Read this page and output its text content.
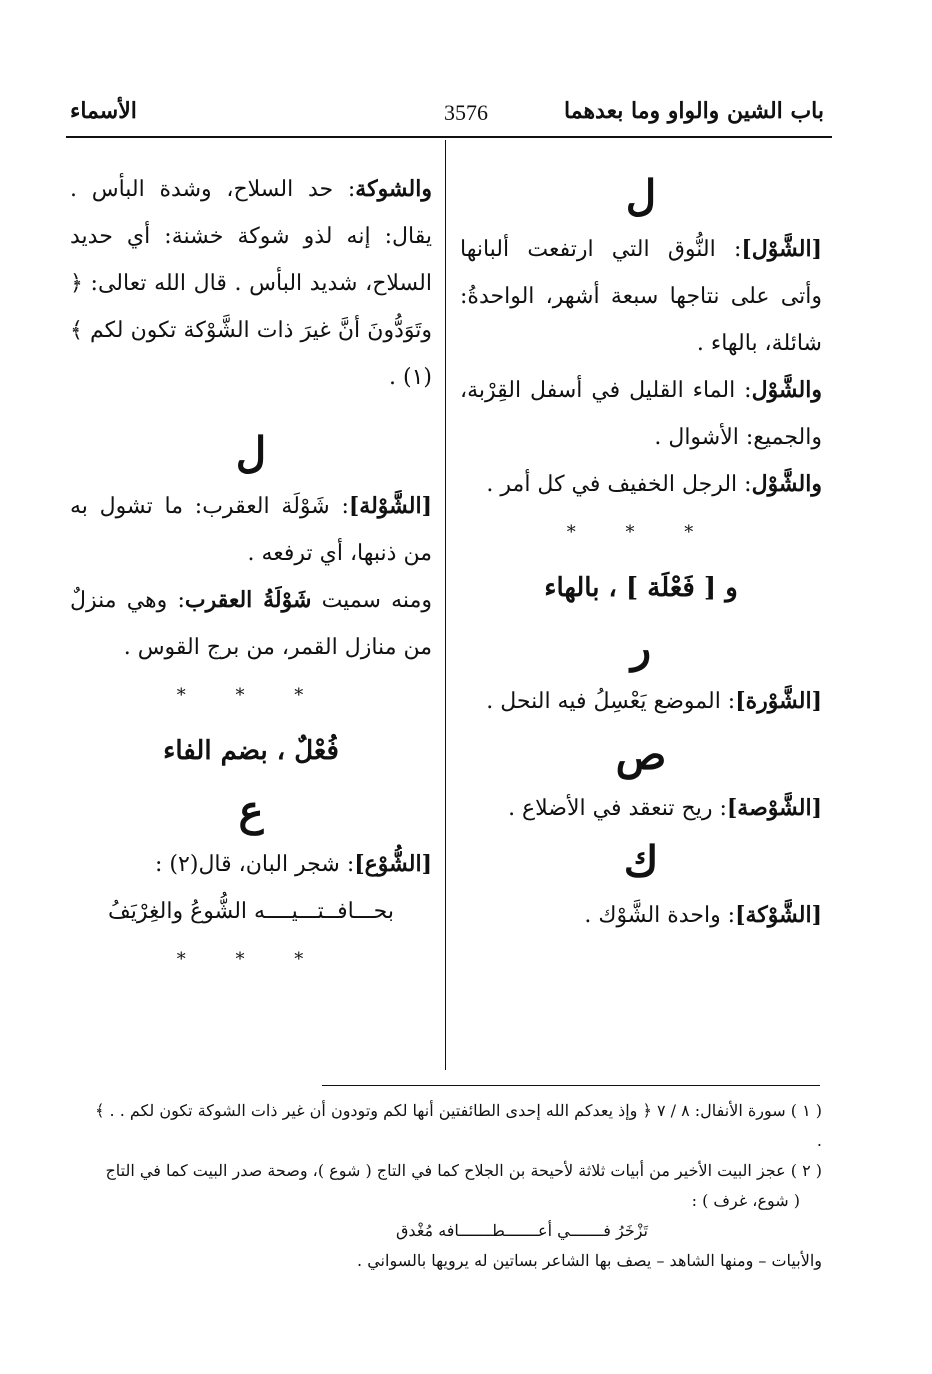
باب الشين والواو وما بعدهما
3576
الأسماء

ل

[الشَّوْل]: النُّوق التي ارتفعت ألبانها وأتى على نتاجها سبعة أشهر، الواحدةُ: شائلة، بالهاء .

والشَّوْل: الماء القليل في أسفل القِرْبة، والجميع: الأشوال .

والشَّوْل: الرجل الخفيف في كل أمر .

* * *

و [ فَعْلَة ] ، بالهاء

ر

[الشَّوْرة]: الموضع يَعْسِلُ فيه النحل .

ص

[الشَّوْصة]: ريح تنعقد في الأضلاع .

ك

[الشَّوْكة]: واحدة الشَّوْك .

والشوكة: حد السلاح، وشدة البأس . يقال: إنه لذو شوكة خشنة: أي حديد السلاح، شديد البأس . قال الله تعالى: ﴿ وتَوَدُّونَ أنَّ غيرَ ذات الشَّوْكة تكون لكم ﴾ (١) .

ل

[الشَّوْلة]: شَوْلَة العقرب: ما تشول به من ذنبها، أي ترفعه .

ومنه سميت شَوْلَةُ العقرب: وهي منزلٌ من منازل القمر، من برج القوس .

* * *

فُعْلٌ ، بضم الفاء

ع

[الشُّوْع]: شجر البان، قال(٢) :

بحـــافــتـــيــــه الشُّوعُ والغِرْيَفُ

* * *

( ١ ) سورة الأنفال: ٨ / ٧ ﴿ وإذ يعدكم الله إحدى الطائفتين أنها لكم وتودون أن غير ذات الشوكة تكون لكم . . ﴾ .

( ٢ ) عجز البيت الأخير من أبيات ثلاثة لأحيحة بن الجلاح كما في التاج ( شوع )، وصحة صدر البيت كما في التاج

( شوع، غرف ) :

تَزْخَرُ فـــــــي أعـــــــطـــــــافه مُغْدق

والأبيات – ومنها الشاهد – يصف بها الشاعر بساتين له يرويها بالسواني .
